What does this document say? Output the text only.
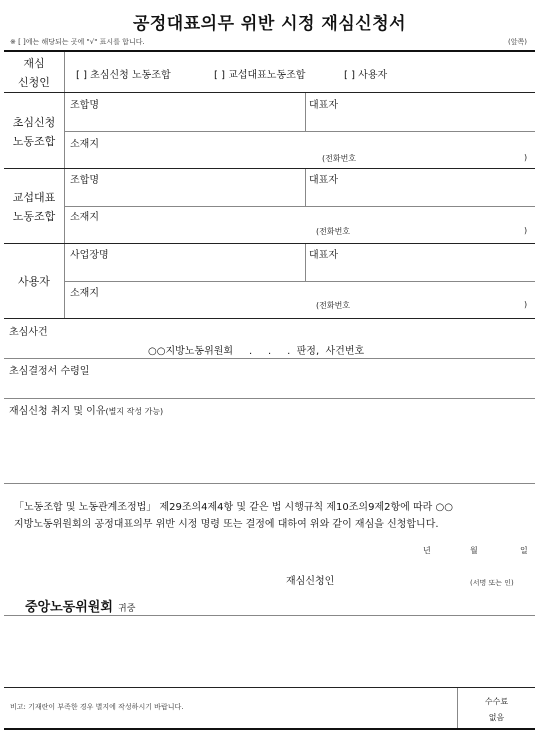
공정대표의무 위반 시정 재심신청서
※ [ ]에는 해당되는 곳에 "√" 표시를 합니다.	(앞쪽)
재심
신청인
[ ] 초심신청 노동조합	[ ] 교섭대표노동조합	[ ] 사용자
초심신청
노동조합
조합명	대표자
소재지
(전화번호	)
교섭대표
노동조합
조합명	대표자
소재지
(전화번호	)
사용자
사업장명	대표자
소재지
(전화번호	)
초심사건
○○지방노동위원회     .     .     .  판정,  사건번호
초심결정서 수령일
재심신청 취지 및 이유(별지 작성 가능)
「노동조합 및 노동관계조정법」 제29조의4제4항 및 같은 법 시행규칙 제10조의9제2항에 따라 ○○
지방노동위원회의 공정대표의무 위반 시정 명령 또는 결정에 대하여 위와 같이 재심을 신청합니다.
년	월	일
재심신청인	(서명 또는 인)
중앙노동위원회 귀중
비고: 기재란이 부족한 경우 별지에 작성하시기 바랍니다.
수수료
없음
